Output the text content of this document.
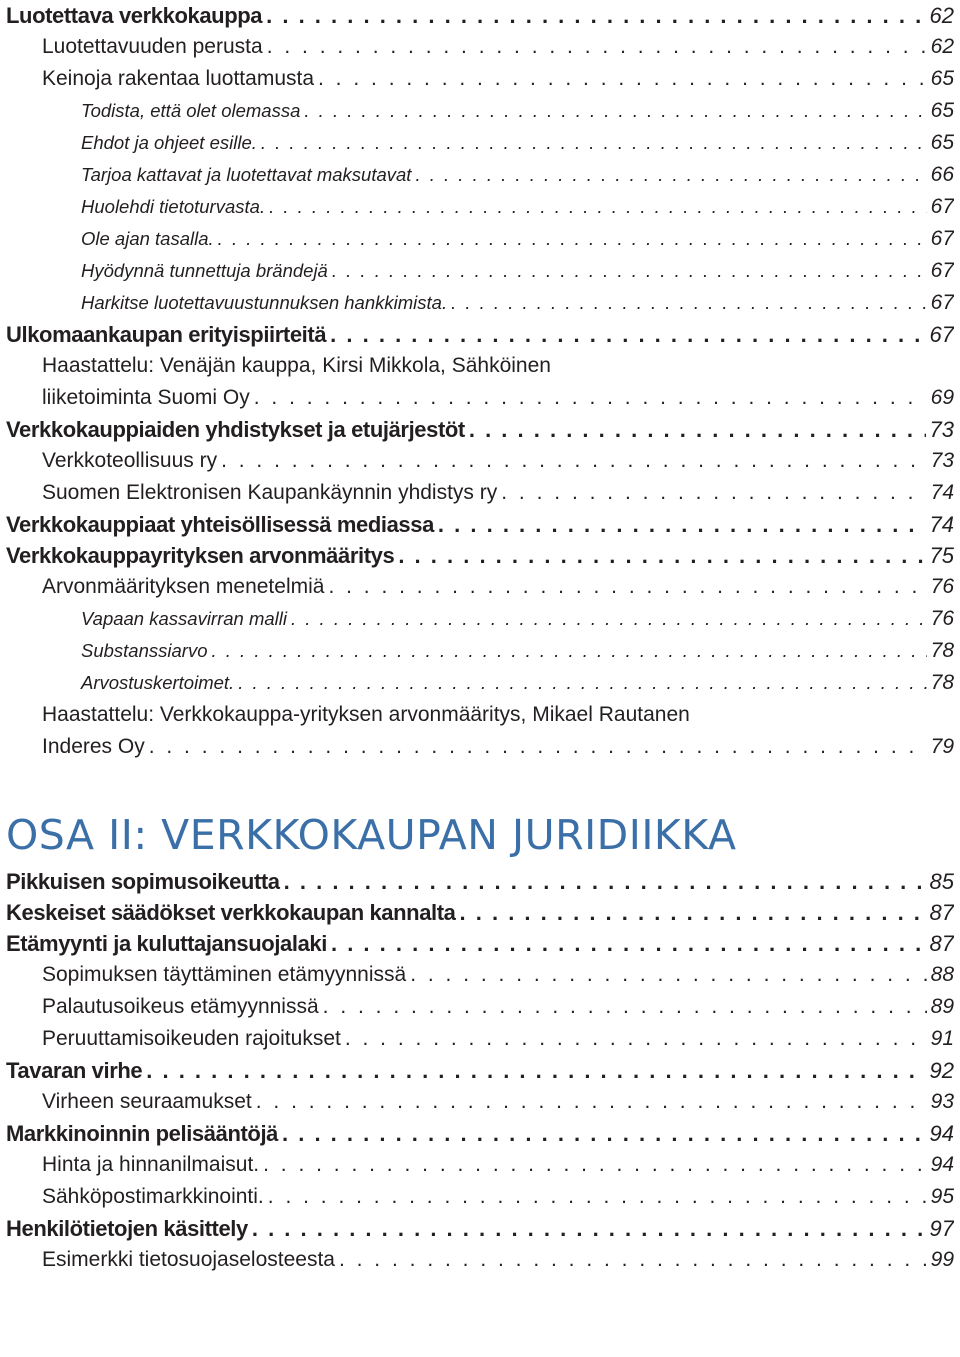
Luotettava verkkokauppa . . .	62
Luotettavuuden perusta . . .	62
Keinoja rakentaa luottamusta . . .	65
Todista, että olet olemassa . . .	65
Ehdot ja ohjeet esille. . . .	65
Tarjoa kattavat ja luotettavat maksutavat . . .	66
Huolehdi tietoturvasta. . . .	67
Ole ajan tasalla. . . .	67
Hyödynnä tunnettuja brändejä . . .	67
Harkitse luotettavuustunnuksen hankkimista. . . .	67
Ulkomaankaupan erityispiirteitä . . .	67
Haastattelu: Venäjän kauppa, Kirsi Mikkola, Sähköinen
liiketoiminta Suomi Oy . . .	69
Verkkokauppiaiden yhdistykset ja etujärjestöt . . .	73
Verkkoteollisuus ry . . .	73
Suomen Elektronisen Kaupankäynnin yhdistys ry . . .	74
Verkkokauppiaat yhteisöllisessä mediassa . . .	74
Verkkokauppayrityksen arvonmääritys . . .	75
Arvonmäärityksen menetelmiä . . .	76
Vapaan kassavirran malli . . .	76
Substanssiarvo . . .	78
Arvostuskertoimet. . . .	78
Haastattelu: Verkkokauppa-yrityksen arvonmääritys, Mikael Rautanen
Inderes Oy . . .	79
OSA II: VERKKOKAUPAN JURIDIIKKA
Pikkuisen sopimusoikeutta . . .	85
Keskeiset säädökset verkkokaupan kannalta . . .	87
Etämyynti ja kuluttajansuojalaki . . .	87
Sopimuksen täyttäminen etämyynnissä . . .	88
Palautusoikeus etämyynnissä . . .	89
Peruuttamisoikeuden rajoitukset . . .	91
Tavaran virhe . . .	92
Virheen seuraamukset . . .	93
Markkinoinnin pelisääntöjä . . .	94
Hinta ja hinnanilmaisut. . . .	94
Sähköpostimarkkinointi. . . .	95
Henkilötietojen käsittely . . .	97
Esimerkki tietosuojaselosteesta . . .	99
